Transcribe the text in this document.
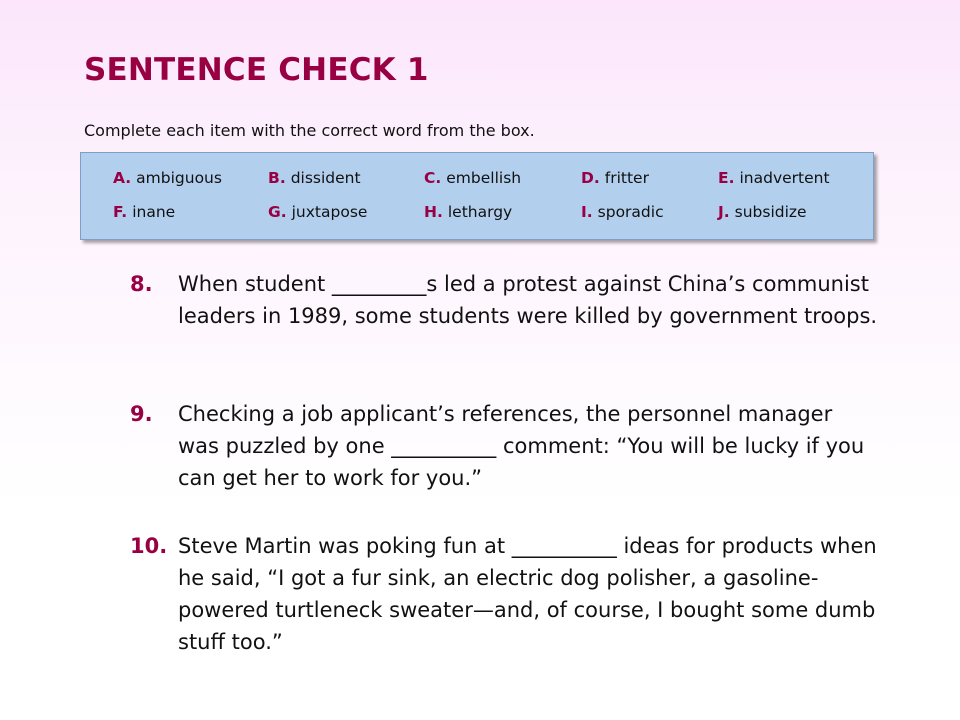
SENTENCE CHECK 1
Complete each item with the correct word from the box.
A. ambiguous	B. dissident	C. embellish	D. fritter	E. inadvertent
F. inane	G. juxtapose	H. lethargy	I. sporadic	J. subsidize
8. When student _________s led a protest against China’s communist leaders in 1989, some students were killed by government troops.
9. Checking a job applicant’s references, the personnel manager was puzzled by one __________ comment: “You will be lucky if you can get her to work for you.”
10. Steve Martin was poking fun at __________ ideas for products when he said, “I got a fur sink, an electric dog polisher, a gasoline-powered turtleneck sweater—and, of course, I bought some dumb stuff too.”
